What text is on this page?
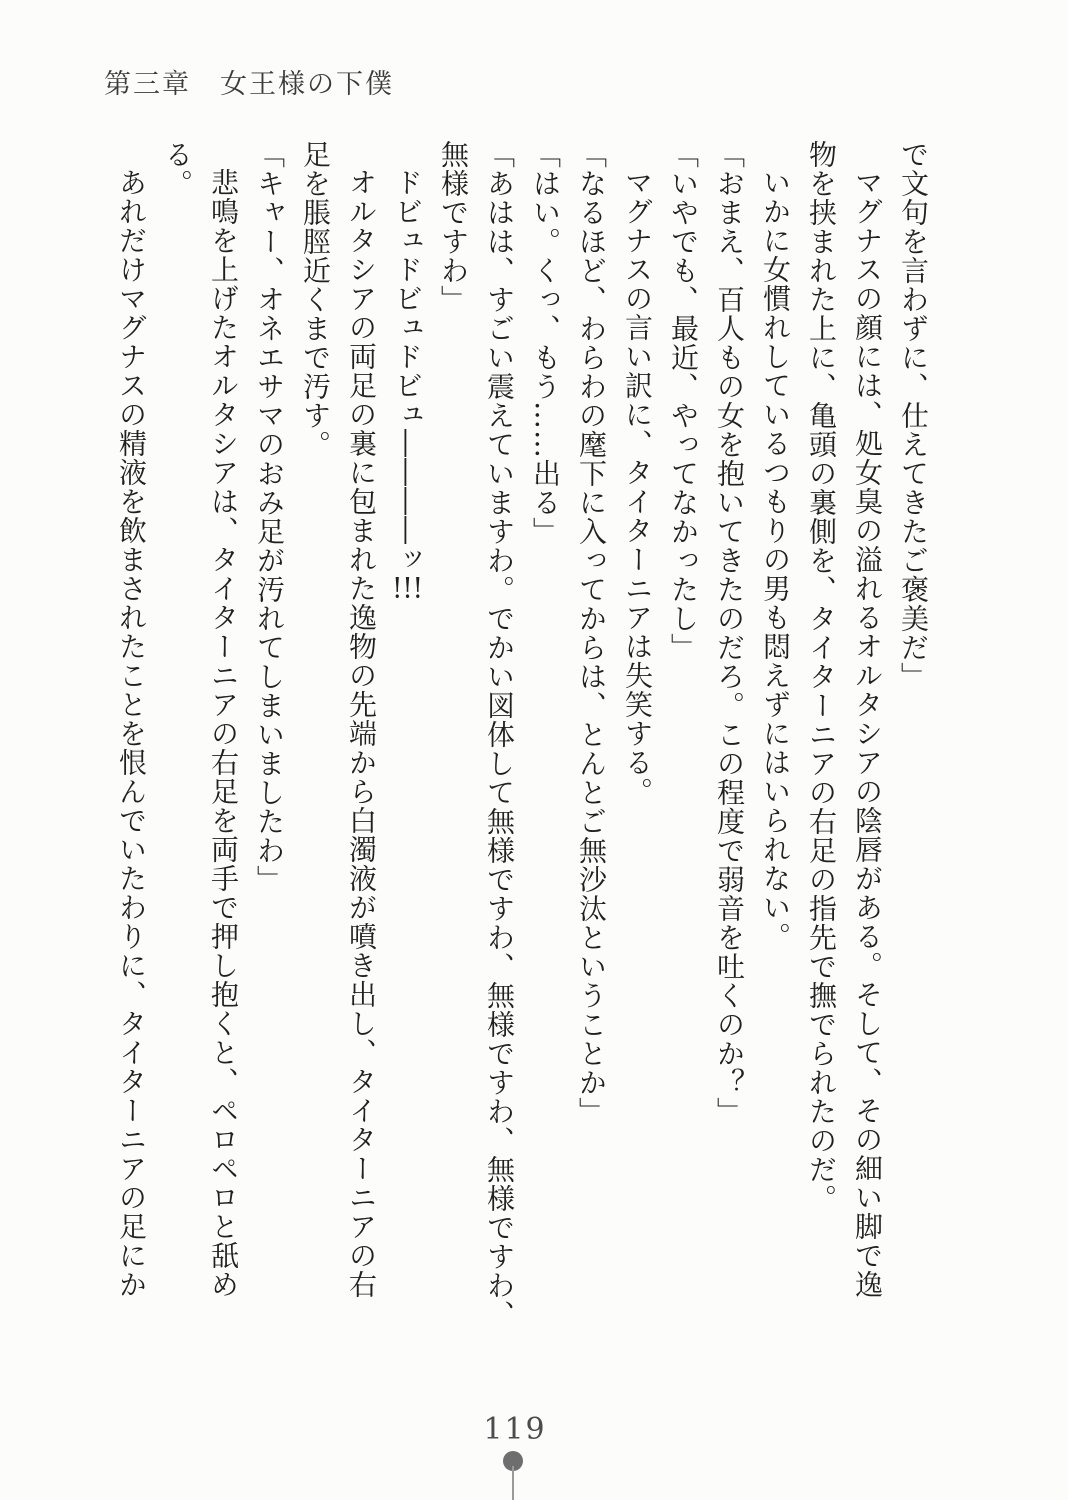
第三章　女王様の下僕

で文句を言わずに、仕えてきたご褒美だ」

マグナスの顔には、処女臭の溢れるオルタシアの陰唇がある。そして、その細い脚で逸
物を挟まれた上に、亀頭の裏側を、タイターニアの右足の指先で撫でられたのだ。

いかに女慣れしているつもりの男も悶えずにはいられない。

「おまえ、百人もの女を抱いてきたのだろ。この程度で弱音を吐くのか？」

「いやでも、最近、やってなかったし」

マグナスの言い訳に、タイターニアは失笑する。

「なるほど、わらわの麾下に入ってからは、とんとご無沙汰ということか」

「はい。くっ、もう……出る」

「あはは、すごい震えていますわ。でかい図体して無様ですわ、無様ですわ、無様ですわ、
無様ですわ」

ドビュドビュドビュ――――ッ!!!

オルタシアの両足の裏に包まれた逸物の先端から白濁液が噴き出し、タイターニアの右
足を脹脛近くまで汚す。

「キャー、オネエサマのおみ足が汚れてしまいましたわ」

悲鳴を上げたオルタシアは、タイターニアの右足を両手で押し抱くと、ペロペロと舐め
る。

あれだけマグナスの精液を飲まされたことを恨んでいたわりに、タイターニアの足にか

119
